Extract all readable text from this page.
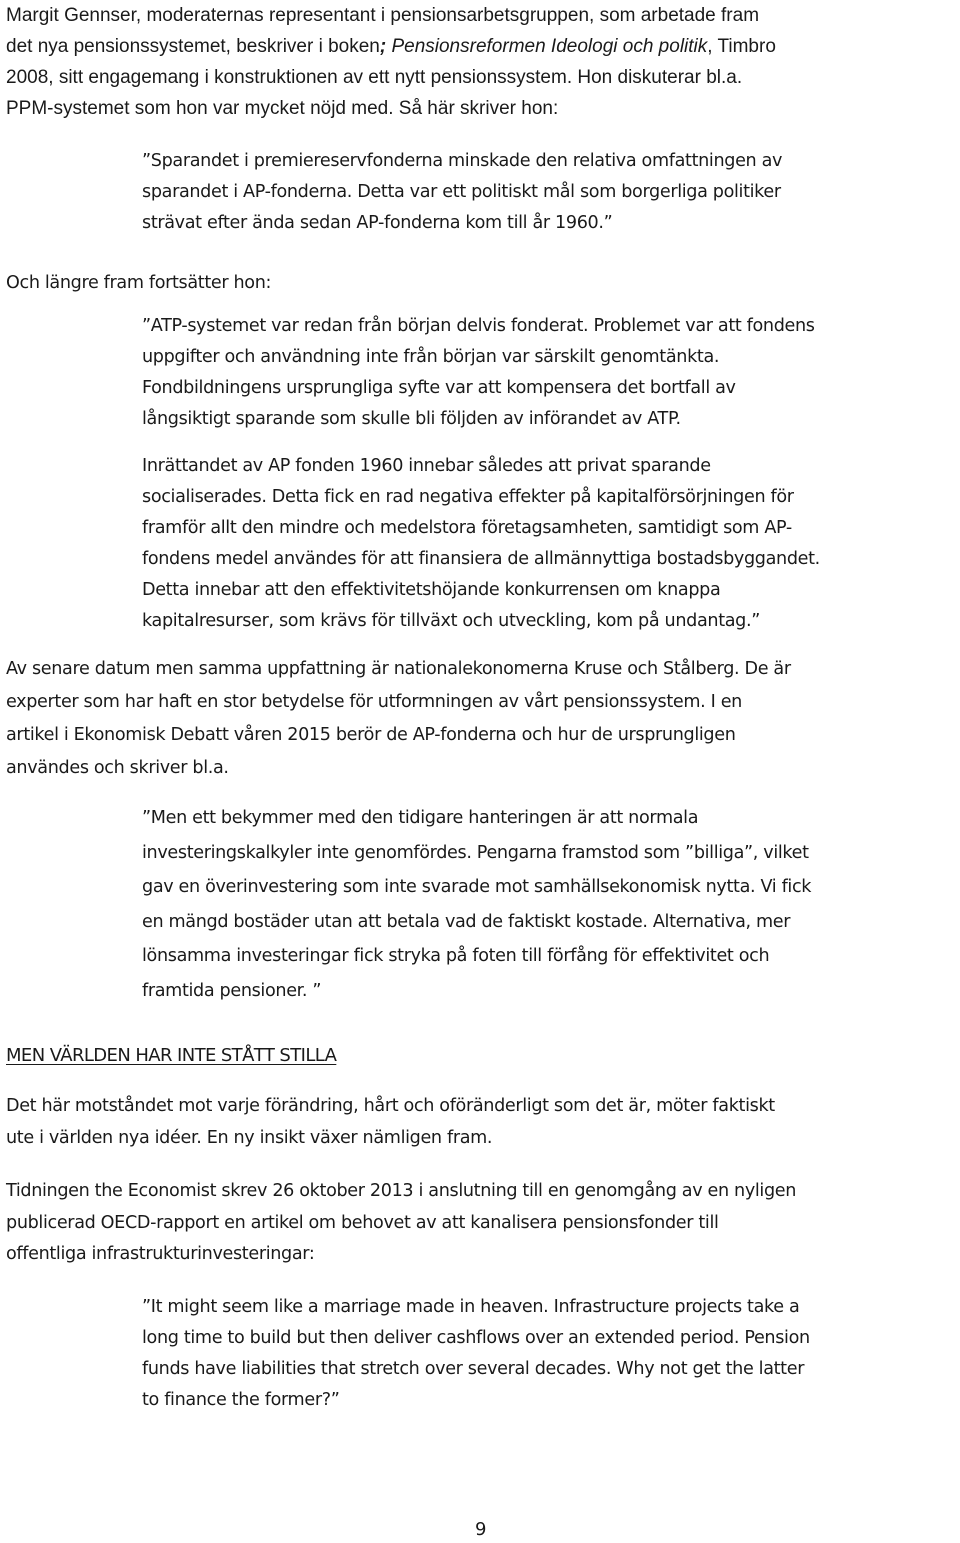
Margit Gennser, moderaternas representant i pensionsarbetsgruppen, som arbetade fram
det nya pensionssystemet, beskriver i boken; Pensionsreformen Ideologi och politik, Timbro
2008, sitt engagemang i konstruktionen av ett nytt pensionssystem. Hon diskuterar bl.a.
PPM-systemet som hon var mycket nöjd med. Så här skriver hon:
”Sparandet i premiereservfonderna minskade den relativa omfattningen av
sparandet i AP-fonderna. Detta var ett politiskt mål som borgerliga politiker
strävat efter ända sedan AP-fonderna kom till år 1960.”
Och längre fram fortsätter hon:
”ATP-systemet var redan från början delvis fonderat. Problemet var att fondens
uppgifter och användning inte från början var särskilt genomtänkta.
Fondbildningens ursprungliga syfte var att kompensera det bortfall av
långsiktigt sparande som skulle bli följden av införandet av ATP.
Inrättandet av AP fonden 1960 innebar således att privat sparande
socialiserades. Detta fick en rad negativa effekter på kapitalförsörjningen för
framför allt den mindre och medelstora företagsamheten, samtidigt som AP-
fondens medel användes för att finansiera de allmännyttiga bostadsbyggandet.
Detta innebar att den effektivitetshöjande konkurrensen om knappa
kapitalresurser, som krävs för tillväxt och utveckling, kom på undantag.”
Av senare datum men samma uppfattning är nationalekonomerna Kruse och Stålberg. De är
experter som har haft en stor betydelse för utformningen av vårt pensionssystem. I en
artikel i Ekonomisk Debatt våren 2015 berör de AP-fonderna och hur de ursprungligen
användes och skriver bl.a.
”Men ett bekymmer med den tidigare hanteringen är att normala
investeringskalkyler inte genomfördes. Pengarna framstod som ”billiga”, vilket
gav en överinvestering som inte svarade mot samhällsekonomisk nytta. Vi fick
en mängd bostäder utan att betala vad de faktiskt kostade. Alternativa, mer
lönsamma investeringar fick stryka på foten till förfång för effektivitet och
framtida pensioner. ”
MEN VÄRLDEN HAR INTE STÅTT STILLA
Det här motståndet mot varje förändring, hårt och oföränderligt som det är, möter faktiskt
ute i världen nya idéer. En ny insikt växer nämligen fram.
Tidningen the Economist skrev 26 oktober 2013 i anslutning till en genomgång av en nyligen
publicerad OECD-rapport en artikel om behovet av att kanalisera pensionsfonder till
offentliga infrastrukturinvesteringar:
”It might seem like a marriage made in heaven. Infrastructure projects take a
long time to build but then deliver cashflows over an extended period. Pension
funds have liabilities that stretch over several decades. Why not get the latter
to finance the former?”
9
